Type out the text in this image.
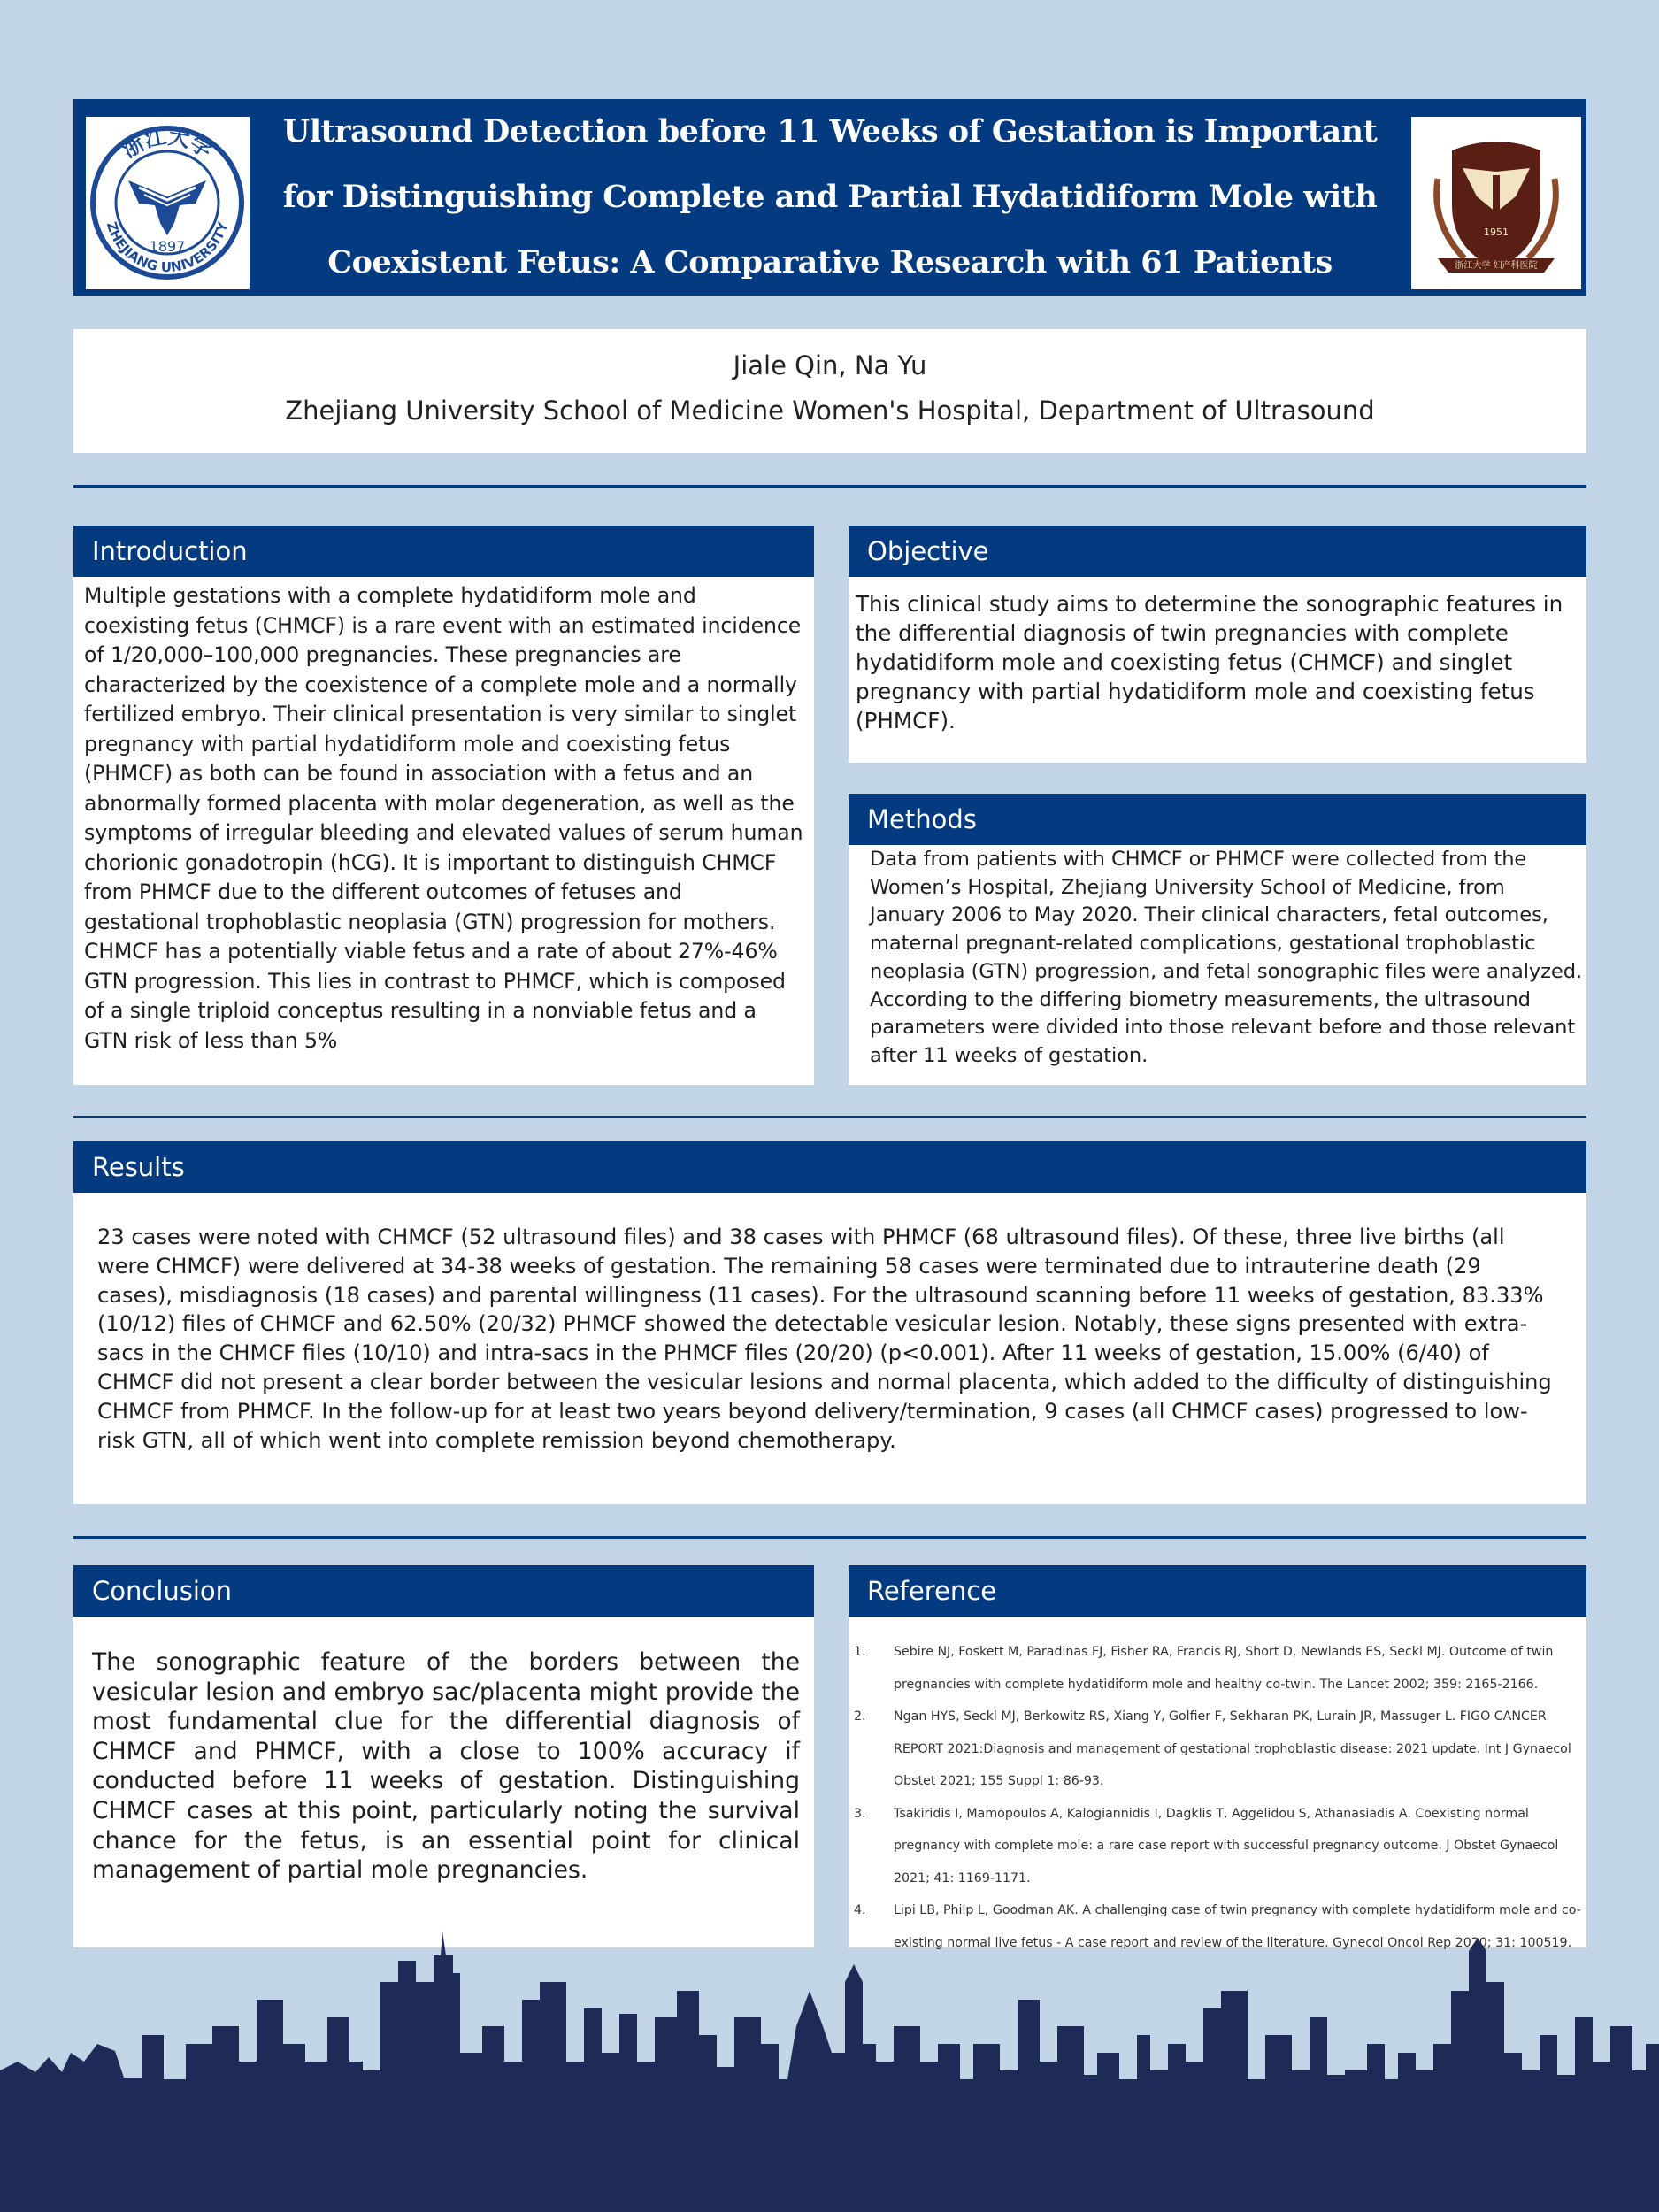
浙江大学
ZHEJIANG UNIVERSITY
1897
Ultrasound Detection before 11 Weeks of Gestation is Important for Distinguishing Complete and Partial Hydatidiform Mole with Coexistent Fetus: A Comparative Research with 61 Patients
1951
浙江大学 妇产科医院
Jiale Qin, Na Yu
Zhejiang University School of Medicine Women's Hospital, Department of Ultrasound
Introduction
Multiple gestations with a complete hydatidiform mole and coexisting fetus (CHMCF) is a rare event with an estimated incidence of 1/20,000–100,000 pregnancies. These pregnancies are characterized by the coexistence of a complete mole and a normally fertilized embryo. Their clinical presentation is very similar to singlet pregnancy with partial hydatidiform mole and coexisting fetus (PHMCF) as both can be found in association with a fetus and an abnormally formed placenta with molar degeneration, as well as the symptoms of irregular bleeding and elevated values of serum human chorionic gonadotropin (hCG). It is important to distinguish CHMCF from PHMCF due to the different outcomes of fetuses and gestational trophoblastic neoplasia (GTN) progression for mothers. CHMCF has a potentially viable fetus and a rate of about 27%-46% GTN progression. This lies in contrast to PHMCF, which is composed of a single triploid conceptus resulting in a nonviable fetus and a GTN risk of less than 5%
Objective
This clinical study aims to determine the sonographic features in the differential diagnosis of twin pregnancies with complete hydatidiform mole and coexisting fetus (CHMCF) and singlet pregnancy with partial hydatidiform mole and coexisting fetus (PHMCF).
Methods
Data from patients with CHMCF or PHMCF were collected from the Women’s Hospital, Zhejiang University School of Medicine, from January 2006 to May 2020. Their clinical characters, fetal outcomes, maternal pregnant-related complications, gestational trophoblastic neoplasia (GTN) progression, and fetal sonographic files were analyzed. According to the differing biometry measurements, the ultrasound parameters were divided into those relevant before and those relevant after 11 weeks of gestation.
Results
23 cases were noted with CHMCF (52 ultrasound files) and 38 cases with PHMCF (68 ultrasound files). Of these, three live births (all were CHMCF) were delivered at 34-38 weeks of gestation. The remaining 58 cases were terminated due to intrauterine death (29 cases), misdiagnosis (18 cases) and parental willingness (11 cases). For the ultrasound scanning before 11 weeks of gestation, 83.33% (10/12) files of CHMCF and 62.50% (20/32) PHMCF showed the detectable vesicular lesion. Notably, these signs presented with extra-sacs in the CHMCF files (10/10) and intra-sacs in the PHMCF files (20/20) (p<0.001). After 11 weeks of gestation, 15.00% (6/40) of CHMCF did not present a clear border between the vesicular lesions and normal placenta, which added to the difficulty of distinguishing CHMCF from PHMCF. In the follow-up for at least two years beyond delivery/termination, 9 cases (all CHMCF cases) progressed to low-risk GTN, all of which went into complete remission beyond chemotherapy.
Conclusion
The sonographic feature of the borders between the vesicular lesion and embryo sac/placenta might provide the most fundamental clue for the differential diagnosis of CHMCF and PHMCF, with a close to 100% accuracy if conducted before 11 weeks of gestation. Distinguishing CHMCF cases at this point, particularly noting the survival chance for the fetus, is an essential point for clinical management of partial mole pregnancies.
Reference
1. Sebire NJ, Foskett M, Paradinas FJ, Fisher RA, Francis RJ, Short D, Newlands ES, Seckl MJ. Outcome of twin pregnancies with complete hydatidiform mole and healthy co-twin. The Lancet 2002; 359: 2165-2166.
2. Ngan HYS, Seckl MJ, Berkowitz RS, Xiang Y, Golfier F, Sekharan PK, Lurain JR, Massuger L. FIGO CANCER REPORT 2021:Diagnosis and management of gestational trophoblastic disease: 2021 update. Int J Gynaecol Obstet 2021; 155 Suppl 1: 86-93.
3. Tsakiridis I, Mamopoulos A, Kalogiannidis I, Dagklis T, Aggelidou S, Athanasiadis A. Coexisting normal pregnancy with complete mole: a rare case report with successful pregnancy outcome. J Obstet Gynaecol 2021; 41: 1169-1171.
4. Lipi LB, Philp L, Goodman AK. A challenging case of twin pregnancy with complete hydatidiform mole and co-existing normal live fetus - A case report and review of the literature. Gynecol Oncol Rep 2020; 31: 100519.
